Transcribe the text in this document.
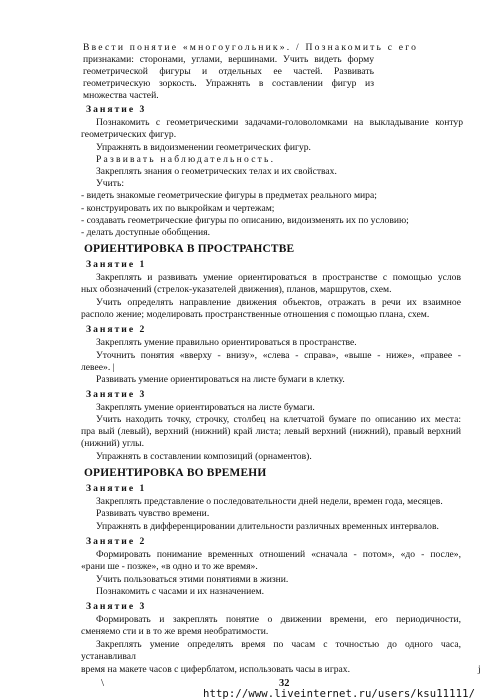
Ввести понятие «многоугольник». / Познакомить с его
признаками: сторонами, углами, вершинами. Учить видеть форму
геометрической фигуры и отдельных ее частей. Развивать
геометрическую зоркость. Упражнять в составлении фигур из
множества частей.
Занятие 3
Познакомить с геометрическими задачами-головоломками на выкладывание контур
геометрических фигур.
Упражнять в видоизменении геометрических фигур.
Развивать наблюдательность.
Закреплять знания о геометрических телах и их свойствах.
Учить:
- видеть знакомые геометрические фигуры в предметах реального мира;
- конструировать их по выкройкам и чертежам;
- создавать геометрические фигуры по описанию, видоизменять их по условию;
- делать доступные обобщения.
ОРИЕНТИРОВКА В ПРОСТРАНСТВЕ
Занятие 1
Закреплять и развивать умение ориентироваться в пространстве с помощью услов
ных обозначений (стрелок-указателей движения), планов, маршрутов, схем.
Учить определять направление движения объектов, отражать в речи их взаимное
располо жение; моделировать пространственные отношения с помощью плана, схем.
Занятие 2
Закреплять умение правильно ориентироваться в пространстве.
Уточнить понятия «вверху - внизу», «слева - справа», «выше - ниже», «правее -
левее». |
Развивать умение ориентироваться на листе бумаги в клетку.
Занятие 3
Закреплять умение ориентироваться на листе бумаги.
Учить находить точку, строчку, столбец на клетчатой бумаге по описанию их места:
пра вый (левый), верхний (нижний) край листа; левый верхний (нижний), правый верхний
(нижний) углы.
Упражнять в составлении композиций (орнаментов).
ОРИЕНТИРОВКА ВО ВРЕМЕНИ
Занятие 1
Закреплять представление о последовательности дней недели, времен года, месяцев.
Развивать чувство времени.
Упражнять в дифференцировании длительности различных временных интервалов.
Занятие 2
Формировать понимание временных отношений «сначала - потом», «до - после»,
«рани ше - позже», «в одно и то же время».
Учить пользоваться этими понятиями в жизни.
Познакомить с часами и их назначением.
Занятие 3
Формировать и закреплять понятие о движении времени, его периодичности,
сменяемо сти и в то же время необратимости.
Закреплять умение определять время по часам с точностью до одного часа,
устанавливал
время на макете часов с циферблатом, использовать часы в играх.	j
\	32
http://www.liveinternet.ru/users/ksu11111/
